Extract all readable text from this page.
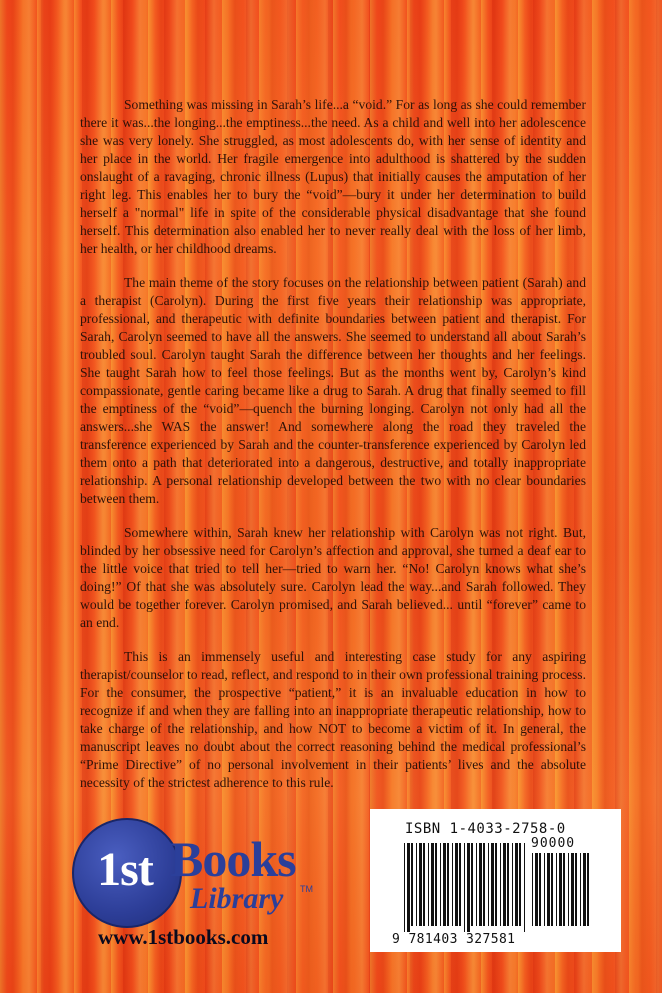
Something was missing in Sarah’s life...a “void.” For as long as she could remember there it was...the longing...the emptiness...the need. As a child and well into her adolescence she was very lonely. She struggled, as most adolescents do, with her sense of identity and her place in the world. Her fragile emergence into adulthood is shattered by the sudden onslaught of a ravaging, chronic illness (Lupus) that initially causes the amputation of her right leg. This enables her to bury the “void”—bury it under her determination to build herself a "normal" life in spite of the considerable physical disadvantage that she found herself. This determination also enabled her to never really deal with the loss of her limb, her health, or her childhood dreams.

The main theme of the story focuses on the relationship between patient (Sarah) and a therapist (Carolyn). During the first five years their relationship was appropriate, professional, and therapeutic with definite boundaries between patient and therapist. For Sarah, Carolyn seemed to have all the answers. She seemed to understand all about Sarah’s troubled soul. Carolyn taught Sarah the difference between her thoughts and her feelings. She taught Sarah how to feel those feelings. But as the months went by, Carolyn’s kind compassionate, gentle caring became like a drug to Sarah. A drug that finally seemed to fill the emptiness of the “void”—quench the burning longing. Carolyn not only had all the answers...she WAS the answer! And somewhere along the road they traveled the transference experienced by Sarah and the counter-transference experienced by Carolyn led them onto a path that deteriorated into a dangerous, destructive, and totally inappropriate relationship. A personal relationship developed between the two with no clear boundaries between them.

Somewhere within, Sarah knew her relationship with Carolyn was not right. But, blinded by her obsessive need for Carolyn’s affection and approval, she turned a deaf ear to the little voice that tried to tell her—tried to warn her. “No! Carolyn knows what she’s doing!” Of that she was absolutely sure. Carolyn lead the way...and Sarah followed. They would be together forever. Carolyn promised, and Sarah believed... until “forever” came to an end.

This is an immensely useful and interesting case study for any aspiring therapist/counselor to read, reflect, and respond to in their own professional training process. For the consumer, the prospective “patient,” it is an invaluable education in how to recognize if and when they are falling into an inappropriate therapeutic relationship, how to take charge of the relationship, and how NOT to become a victim of it. In general, the manuscript leaves no doubt about the correct reasoning behind the medical professional’s “Prime Directive” of no personal involvement in their patients’ lives and the absolute necessity of the strictest adherence to this rule.

1st Books
Library TM
www.1stbooks.com
ISBN 1-4033-2758-0
90000
9 781403 327581
